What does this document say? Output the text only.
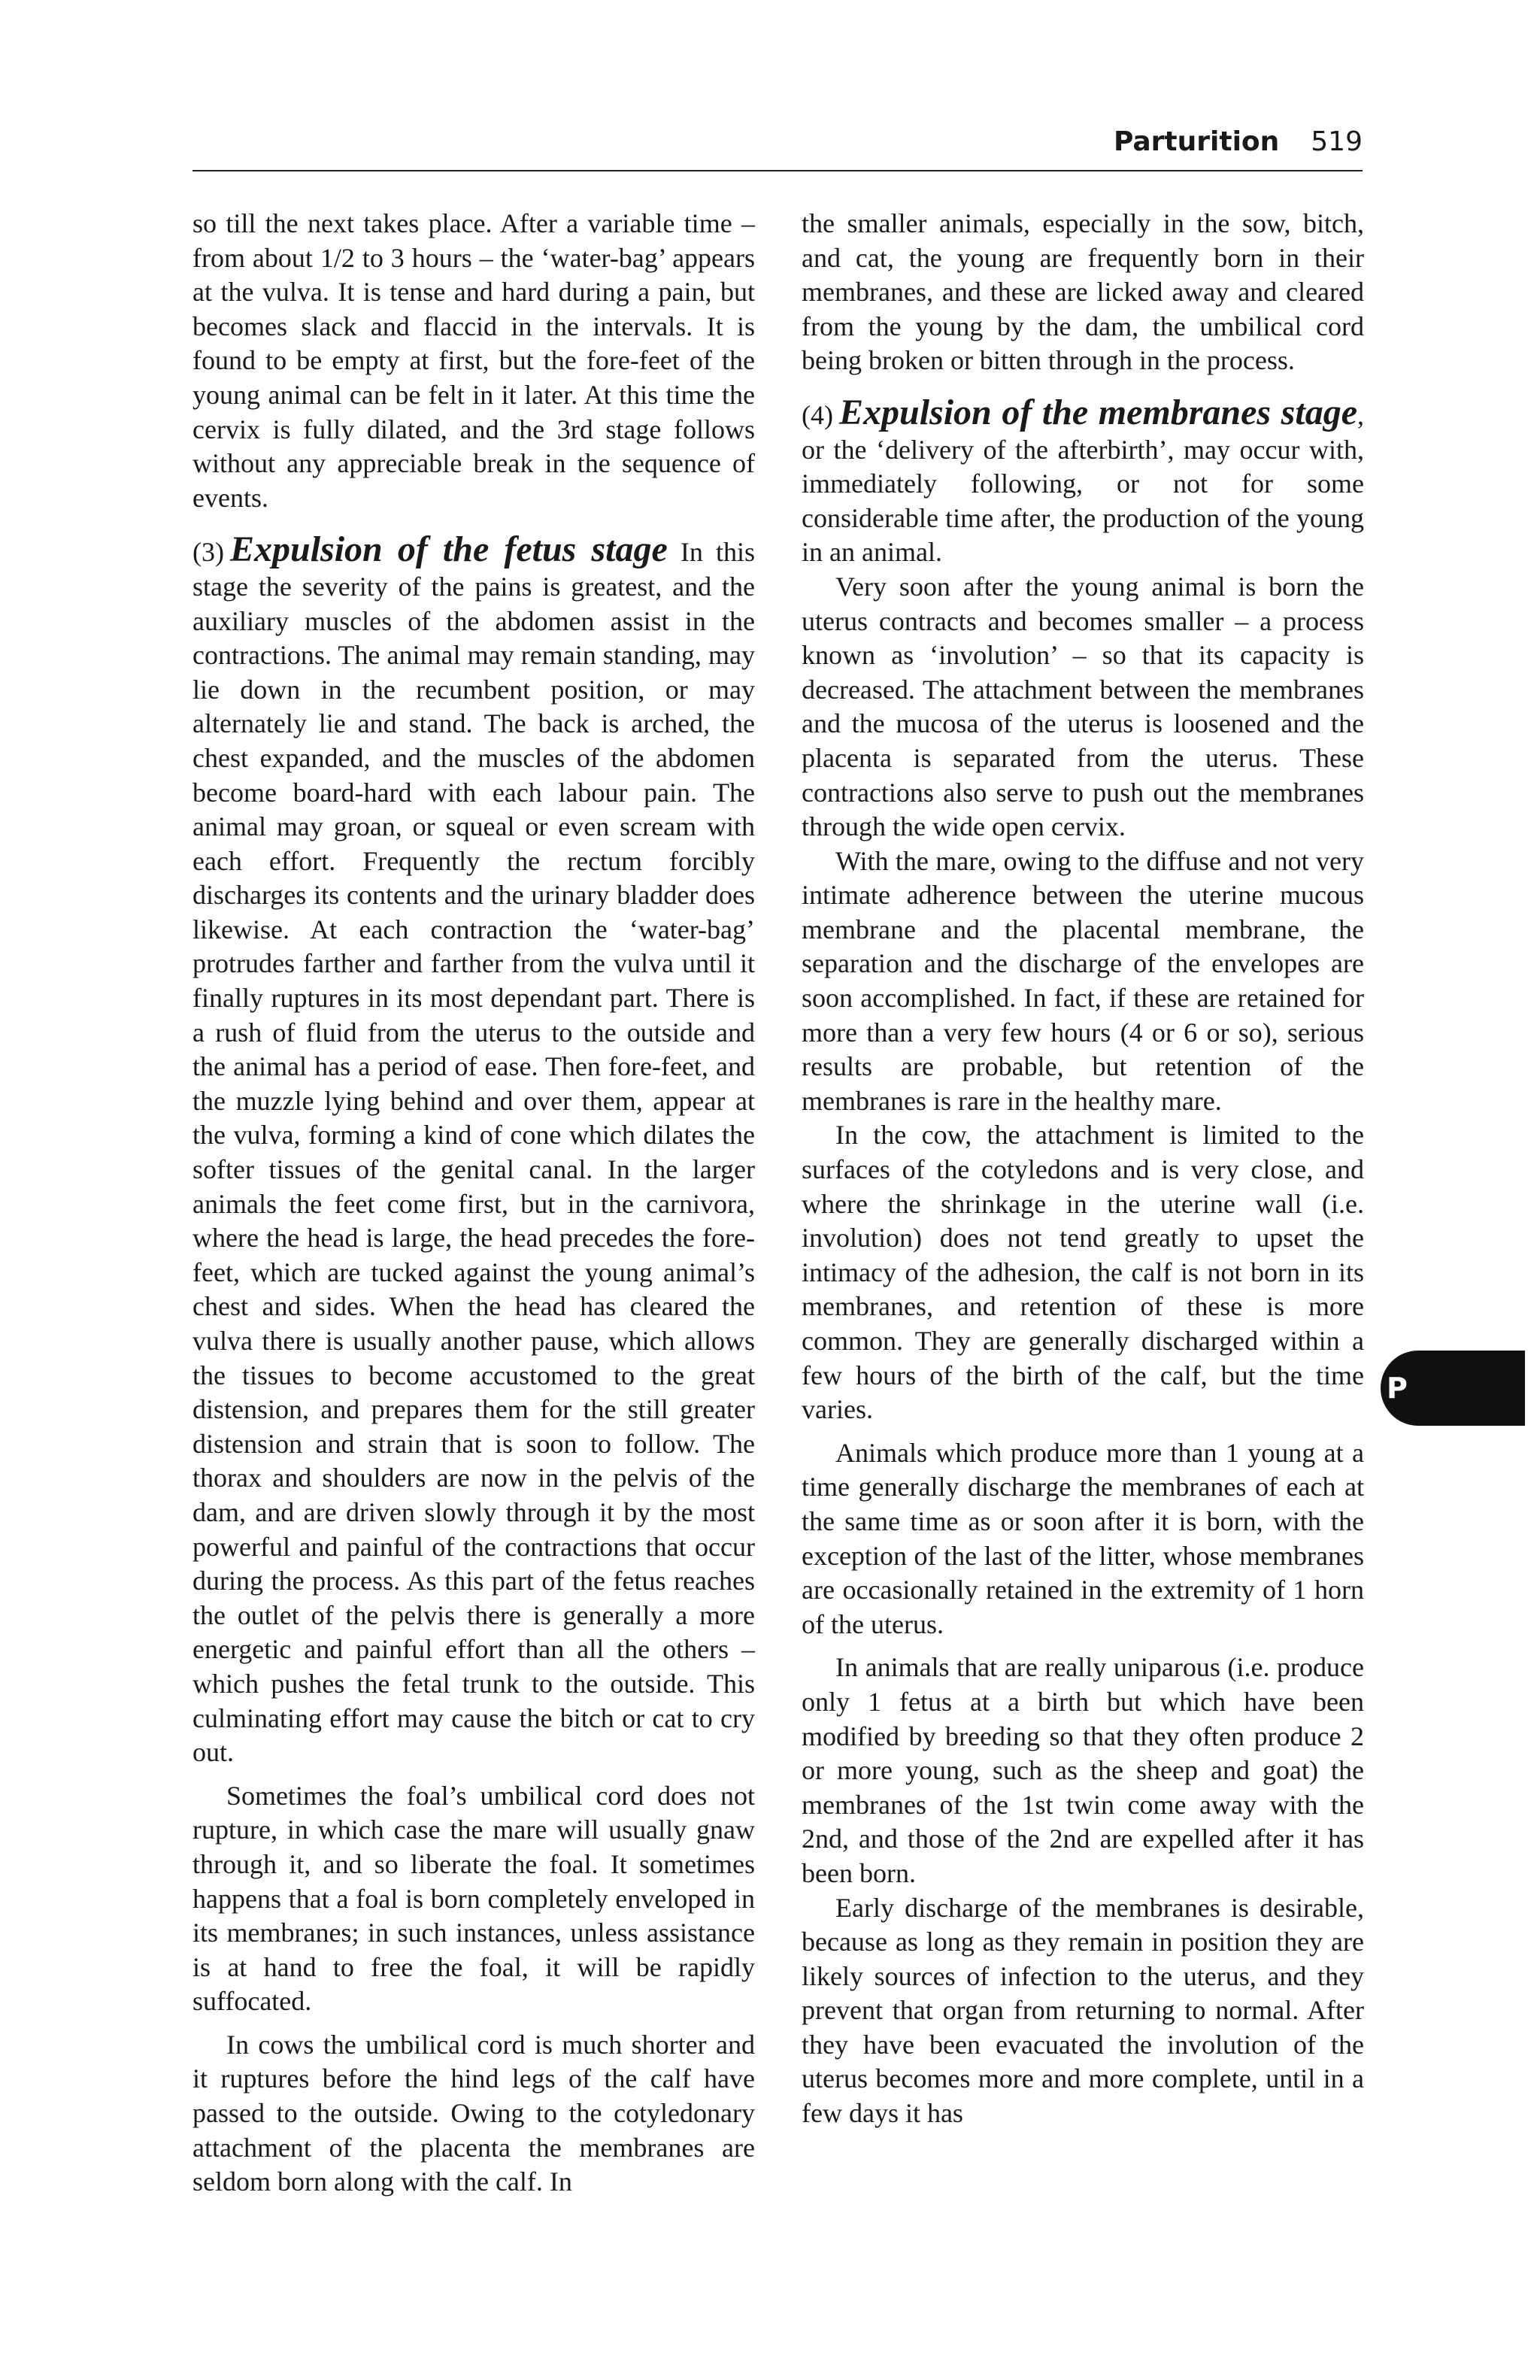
Parturition 519

so till the next takes place. After a variable time – from about 1/2 to 3 hours – the ‘water-bag’ appears at the vulva. It is tense and hard during a pain, but becomes slack and flaccid in the intervals. It is found to be empty at first, but the fore-feet of the young animal can be felt in it later. At this time the cervix is fully dilated, and the 3rd stage follows without any appreciable break in the sequence of events.

(3) Expulsion of the fetus stage In this stage the severity of the pains is greatest, and the auxiliary muscles of the abdomen assist in the contractions. The animal may remain standing, may lie down in the recumbent position, or may alternately lie and stand. The back is arched, the chest expanded, and the muscles of the abdomen become board-hard with each labour pain. The animal may groan, or squeal or even scream with each effort. Frequently the rectum forcibly discharges its contents and the urinary bladder does likewise. At each contraction the ‘water-bag’ protrudes farther and farther from the vulva until it finally ruptures in its most dependant part. There is a rush of fluid from the uterus to the outside and the animal has a period of ease. Then fore-feet, and the muzzle lying behind and over them, appear at the vulva, forming a kind of cone which dilates the softer tissues of the genital canal. In the larger animals the feet come first, but in the carnivora, where the head is large, the head precedes the fore-feet, which are tucked against the young animal’s chest and sides. When the head has cleared the vulva there is usually another pause, which allows the tissues to become accustomed to the great distension, and prepares them for the still greater distension and strain that is soon to follow. The thorax and shoulders are now in the pelvis of the dam, and are driven slowly through it by the most powerful and painful of the contractions that occur during the process. As this part of the fetus reaches the outlet of the pelvis there is generally a more energetic and painful effort than all the others – which pushes the fetal trunk to the outside. This culminating effort may cause the bitch or cat to cry out.

Sometimes the foal’s umbilical cord does not rupture, in which case the mare will usually gnaw through it, and so liberate the foal. It sometimes happens that a foal is born completely enveloped in its membranes; in such instances, unless assistance is at hand to free the foal, it will be rapidly suffocated.

In cows the umbilical cord is much shorter and it ruptures before the hind legs of the calf have passed to the outside. Owing to the cotyledonary attachment of the placenta the membranes are seldom born along with the calf. In

the smaller animals, especially in the sow, bitch, and cat, the young are frequently born in their membranes, and these are licked away and cleared from the young by the dam, the umbilical cord being broken or bitten through in the process.

(4) Expulsion of the membranes stage, or the ‘delivery of the afterbirth’, may occur with, immediately following, or not for some considerable time after, the production of the young in an animal.

Very soon after the young animal is born the uterus contracts and becomes smaller – a process known as ‘involution’ – so that its capacity is decreased. The attachment between the membranes and the mucosa of the uterus is loosened and the placenta is separated from the uterus. These contractions also serve to push out the membranes through the wide open cervix.

With the mare, owing to the diffuse and not very intimate adherence between the uterine mucous membrane and the placental membrane, the separation and the discharge of the envelopes are soon accomplished. In fact, if these are retained for more than a very few hours (4 or 6 or so), serious results are probable, but retention of the membranes is rare in the healthy mare.

In the cow, the attachment is limited to the surfaces of the cotyledons and is very close, and where the shrinkage in the uterine wall (i.e. involution) does not tend greatly to upset the intimacy of the adhesion, the calf is not born in its membranes, and retention of these is more common. They are generally discharged within a few hours of the birth of the calf, but the time varies.

Animals which produce more than 1 young at a time generally discharge the membranes of each at the same time as or soon after it is born, with the exception of the last of the litter, whose membranes are occasionally retained in the extremity of 1 horn of the uterus.

In animals that are really uniparous (i.e. produce only 1 fetus at a birth but which have been modified by breeding so that they often produce 2 or more young, such as the sheep and goat) the membranes of the 1st twin come away with the 2nd, and those of the 2nd are expelled after it has been born.

Early discharge of the membranes is desirable, because as long as they remain in position they are likely sources of infection to the uterus, and they prevent that organ from returning to normal. After they have been evacuated the involution of the uterus becomes more and more complete, until in a few days it has

P
